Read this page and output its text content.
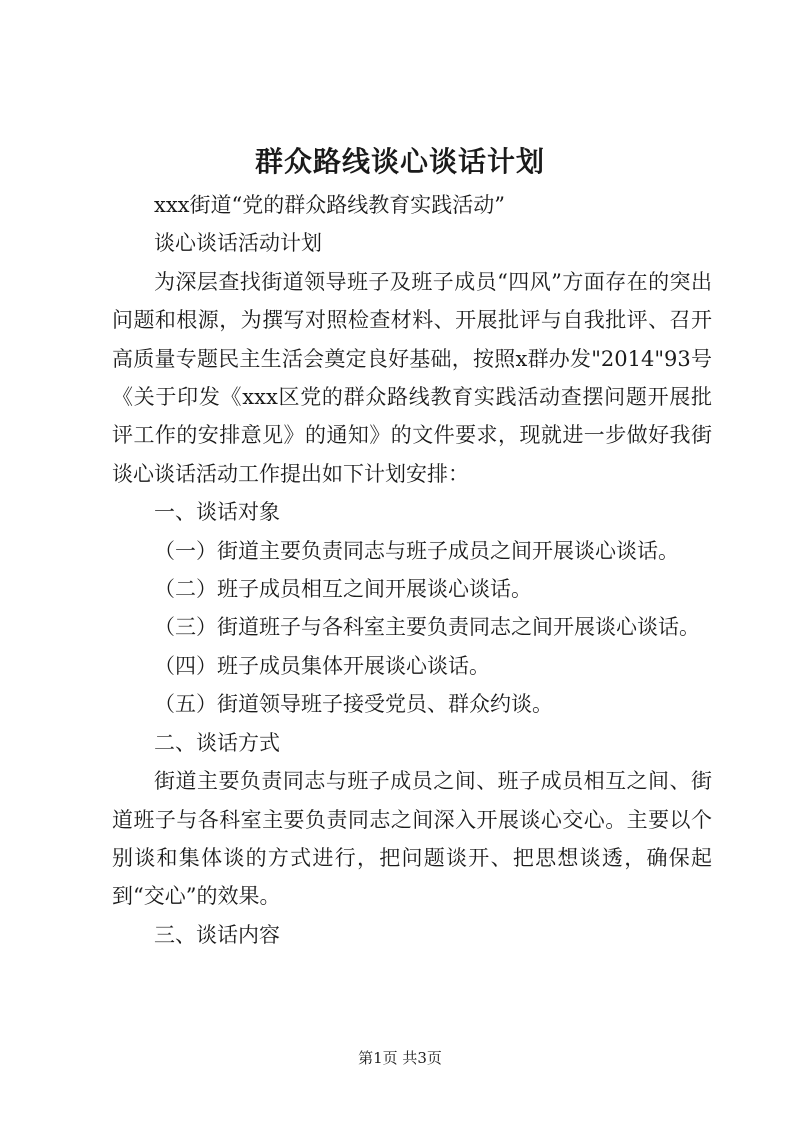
群众路线谈心谈话计划

xxx街道“党的群众路线教育实践活动”

谈心谈话活动计划

为深层查找街道领导班子及班子成员“四风”方面存在的突出问题和根源，为撰写对照检查材料、开展批评与自我批评、召开高质量专题民主生活会奠定良好基础，按照x群办发"2014"93号《关于印发《xxx区党的群众路线教育实践活动查摆问题开展批评工作的安排意见》的通知》的文件要求，现就进一步做好我街谈心谈话活动工作提出如下计划安排：

一、谈话对象

（一）街道主要负责同志与班子成员之间开展谈心谈话。

（二）班子成员相互之间开展谈心谈话。

（三）街道班子与各科室主要负责同志之间开展谈心谈话。

（四）班子成员集体开展谈心谈话。

（五）街道领导班子接受党员、群众约谈。

二、谈话方式

街道主要负责同志与班子成员之间、班子成员相互之间、街道班子与各科室主要负责同志之间深入开展谈心交心。主要以个别谈和集体谈的方式进行，把问题谈开、把思想谈透，确保起到“交心”的效果。

三、谈话内容

第1页 共3页
